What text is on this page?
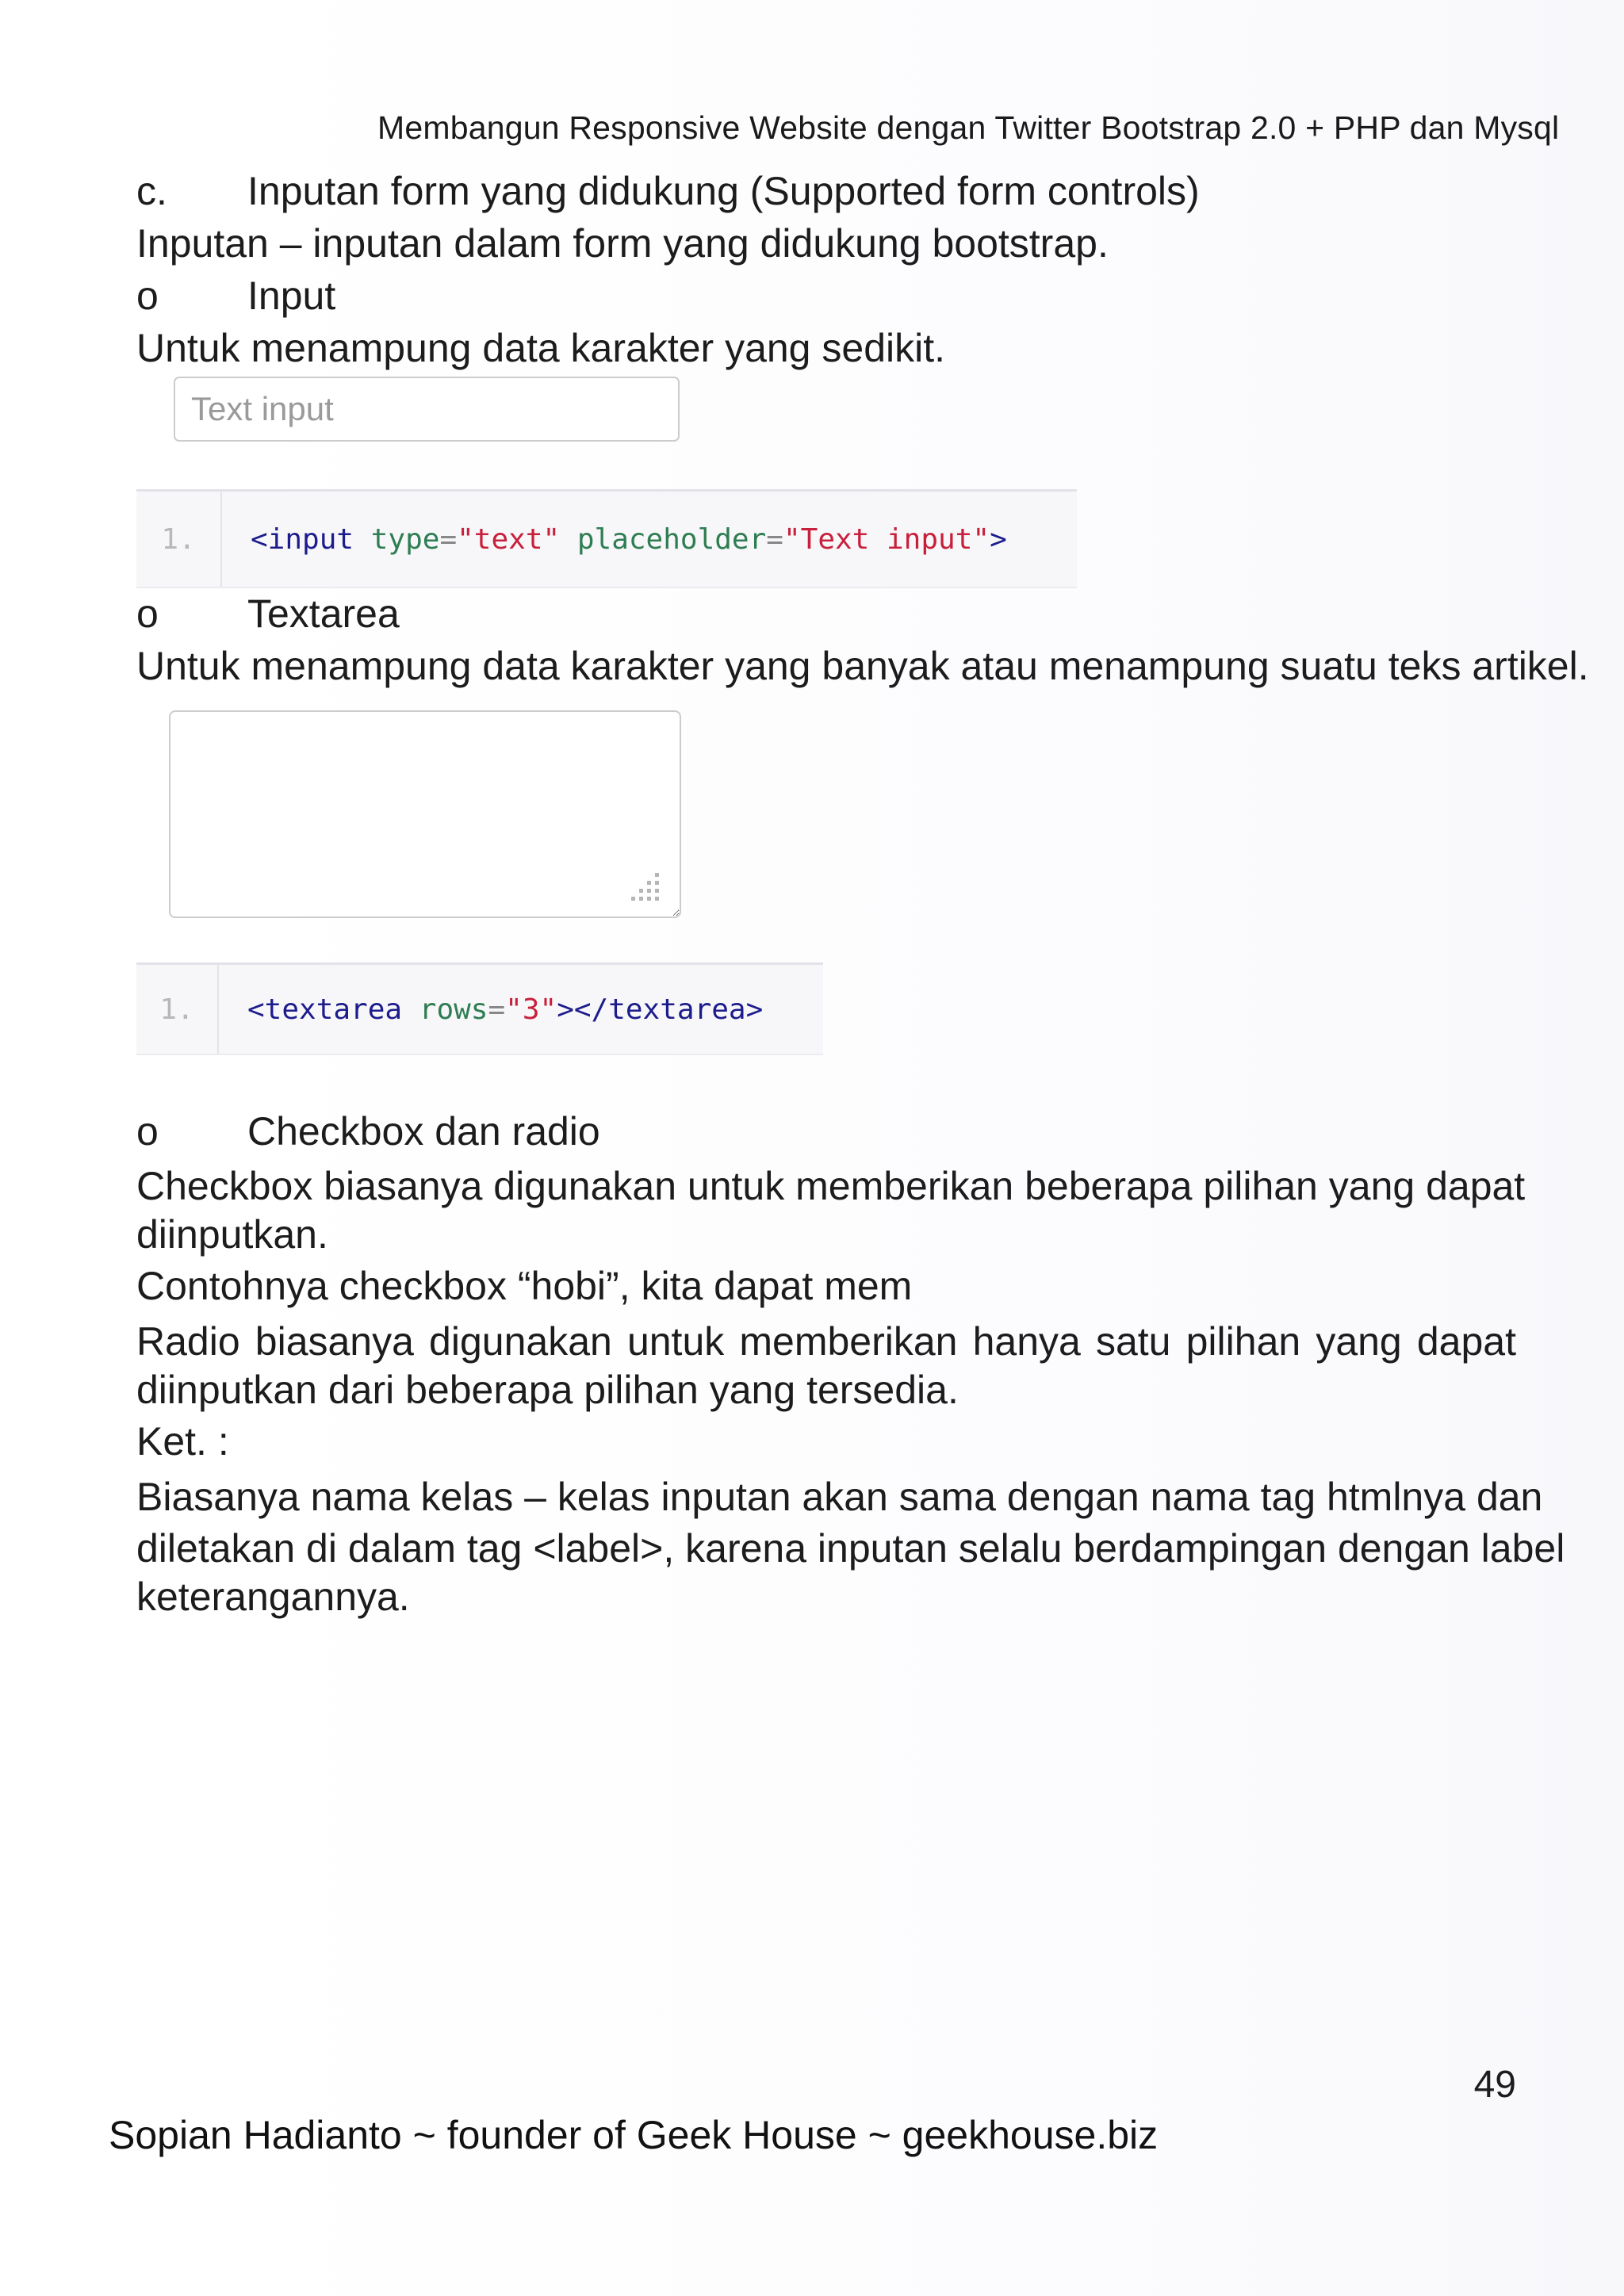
Membangun Responsive Website dengan Twitter Bootstrap 2.0 + PHP dan Mysql
c. Inputan form yang didukung (Supported form controls)
Inputan – inputan dalam form yang didukung bootstrap.
o Input
Untuk menampung data karakter yang sedikit.
Text input
1.	<input type="text" placeholder="Text input">
o Textarea
Untuk menampung data karakter yang banyak atau menampung suatu teks artikel.
1.	<textarea rows="3"></textarea>
o Checkbox dan radio
Checkbox biasanya digunakan untuk memberikan beberapa pilihan yang dapat
diinputkan.
Contohnya checkbox “hobi”, kita dapat mem
Radio biasanya digunakan untuk memberikan hanya satu pilihan yang dapat
diinputkan dari beberapa pilihan yang tersedia.
Ket. :
Biasanya nama kelas – kelas inputan akan sama dengan nama tag htmlnya dan
diletakan di dalam tag <label>, karena inputan selalu berdampingan dengan label
keterangannya.
49
Sopian Hadianto ~ founder of Geek House ~ geekhouse.biz
